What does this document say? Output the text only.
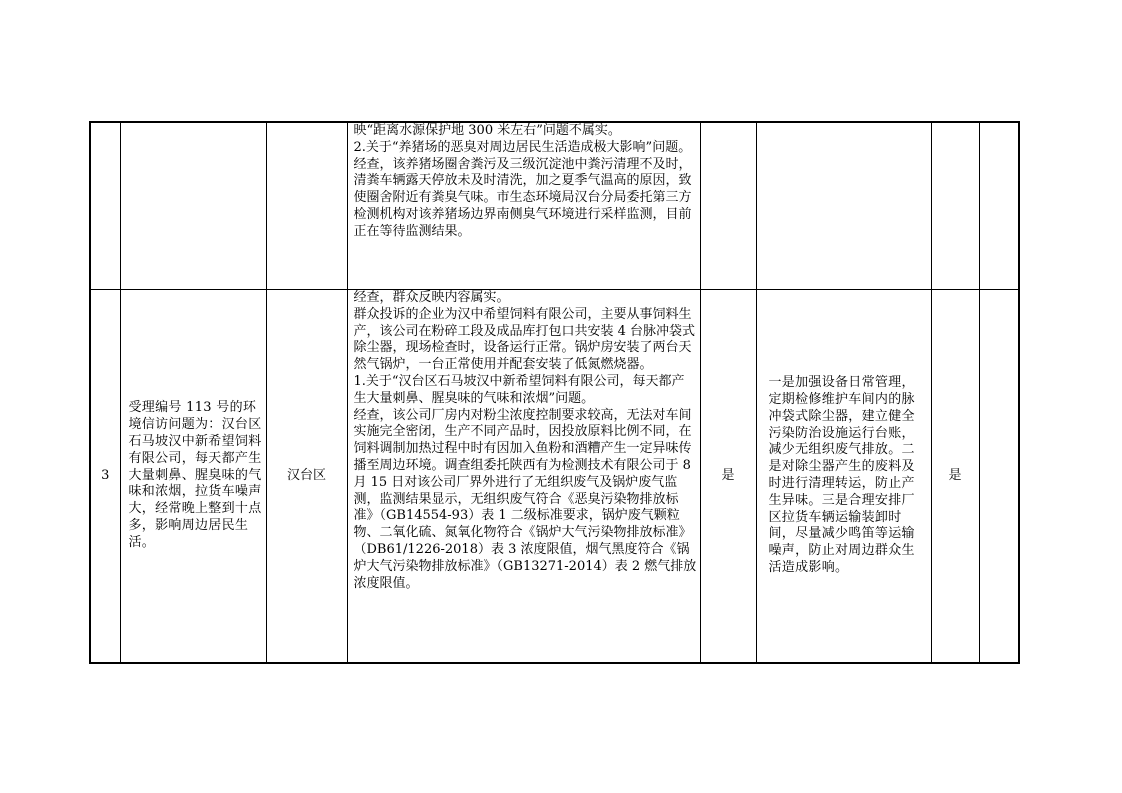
			映“距离水源保护地 300 米左右”问题不属实。
2.关于“养猪场的恶臭对周边居民生活造成极大影响”问题。
经查，该养猪场圈舍粪污及三级沉淀池中粪污清理不及时，清粪车辆露天停放未及时清洗，加之夏季气温高的原因，致使圈舍附近有粪臭气味。市生态环境局汉台分局委托第三方检测机构对该养猪场边界南侧臭气环境进行采样监测，目前正在等待监测结果。				

3	受理编号 113 号的环境信访问题为：汉台区石马坡汉中新希望饲料有限公司，每天都产生大量刺鼻、腥臭味的气味和浓烟，拉货车噪声大，经常晚上整到十点多，影响周边居民生活。	汉台区	经查，群众反映内容属实。
群众投诉的企业为汉中希望饲料有限公司，主要从事饲料生产，该公司在粉碎工段及成品库打包口共安装 4 台脉冲袋式除尘器，现场检查时，设备运行正常。锅炉房安装了两台天然气锅炉，一台正常使用并配套安装了低氮燃烧器。
1.关于“汉台区石马坡汉中新希望饲料有限公司，每天都产生大量刺鼻、腥臭味的气味和浓烟”问题。
经查，该公司厂房内对粉尘浓度控制要求较高，无法对车间实施完全密闭，生产不同产品时，因投放原料比例不同，在饲料调制加热过程中时有因加入鱼粉和酒糟产生一定异味传播至周边环境。调查组委托陕西有为检测技术有限公司于 8 月 15 日对该公司厂界外进行了无组织废气及锅炉废气监测，监测结果显示，无组织废气符合《恶臭污染物排放标准》（GB14554-93）表 1 二级标准要求，锅炉废气颗粒物、二氧化硫、氮氧化物符合《锅炉大气污染物排放标准》（DB61/1226-2018）表 3 浓度限值，烟气黑度符合《锅炉大气污染物排放标准》（GB13271-2014）表 2 燃气排放浓度限值。	是	一是加强设备日常管理，定期检修维护车间内的脉冲袋式除尘器，建立健全污染防治设施运行台账，减少无组织废气排放。二是对除尘器产生的废料及时进行清理转运，防止产生异味。三是合理安排厂区拉货车辆运输装卸时间，尽量减少鸣笛等运输噪声，防止对周边群众生活造成影响。	是	
